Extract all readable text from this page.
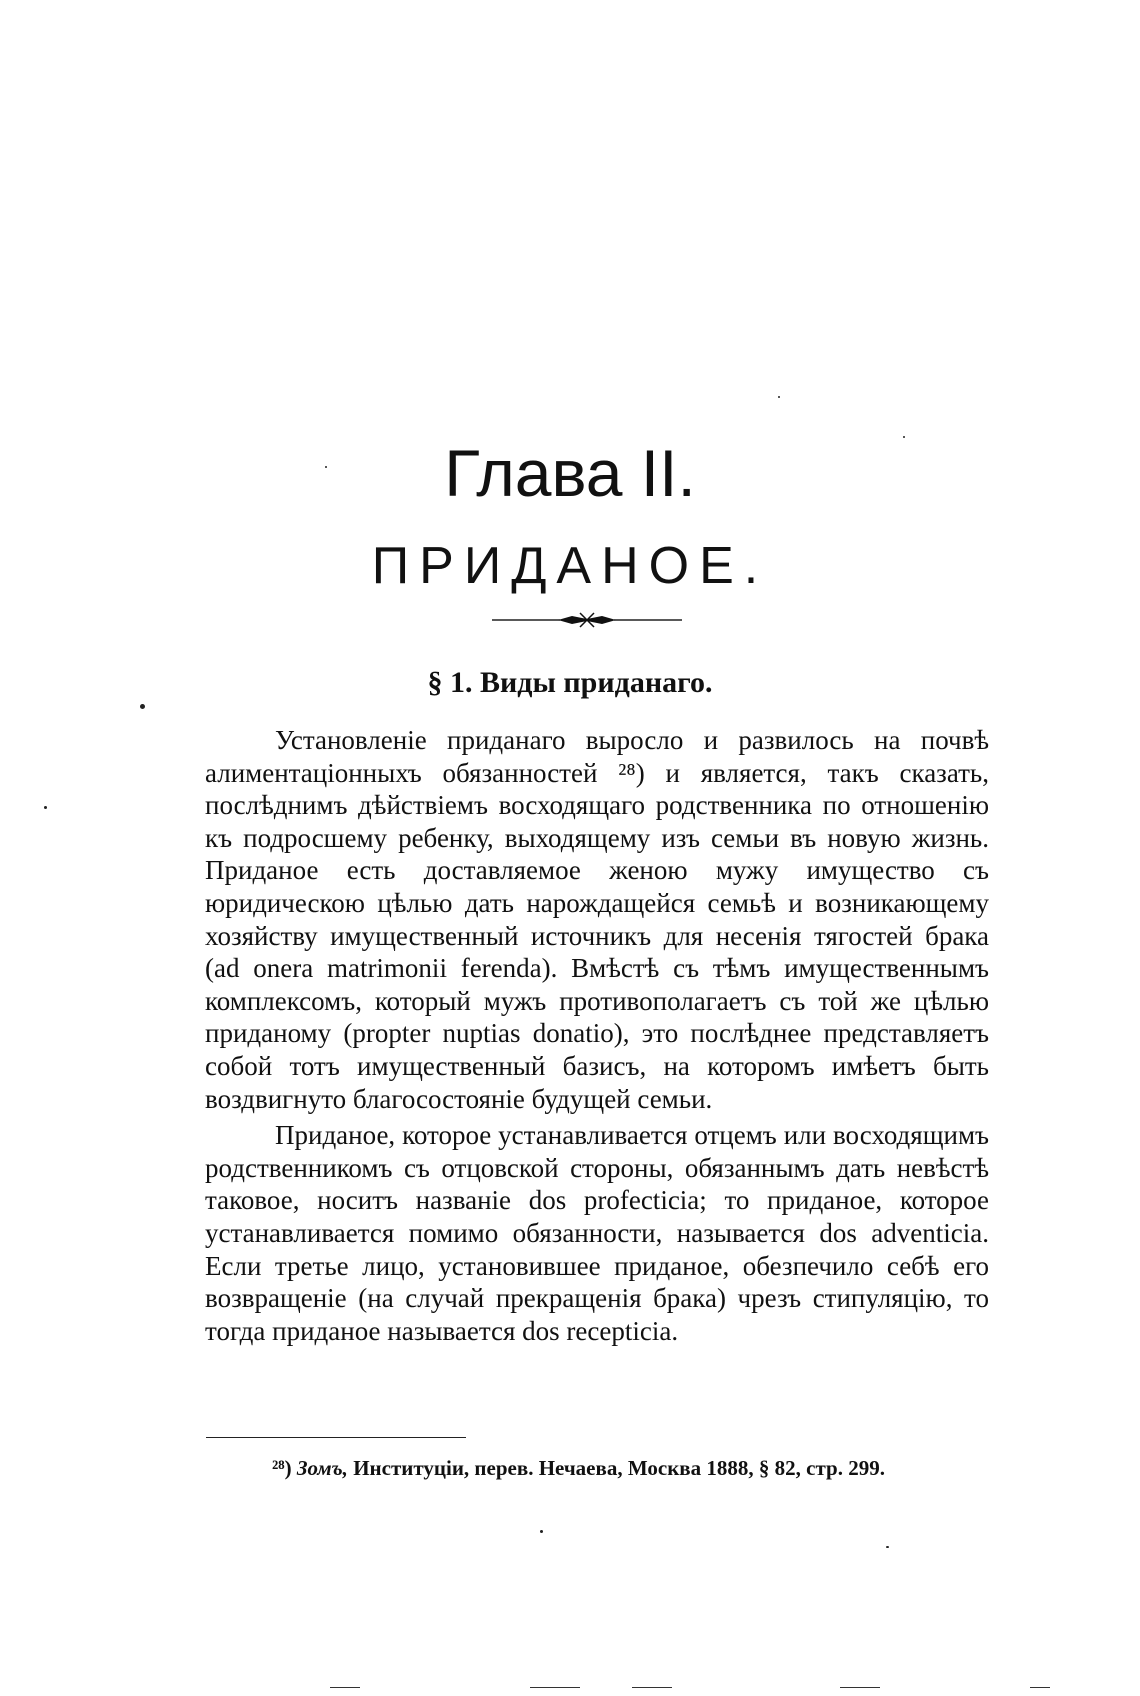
Глава II.
ПРИДАНОЕ.
§ 1. Виды приданаго.

Установленіе приданаго выросло и развилось на почвѣ алиментаціонныхъ обязанностей ²⁸) и является, такъ сказать, послѣднимъ дѣйствіемъ восходящаго родственника по отношенію къ подросшему ребенку, выходящему изъ семьи въ новую жизнь. Приданое есть доставляемое женою мужу имущество съ юридическою цѣлью дать нарождащейся семьѣ и возникающему хозяйству имущественный источникъ для несенія тягостей брака (ad onera matrimonii ferenda). Вмѣстѣ съ тѣмъ имущественнымъ комплексомъ, который мужъ противополагаетъ съ той же цѣлью приданому (propter nuptias donatio), это послѣднее представляетъ собой тотъ имущественный базисъ, на которомъ имѣетъ быть воздвигнуто благосостояніе будущей семьи.

Приданое, которое устанавливается отцемъ или восходящимъ родственникомъ съ отцовской стороны, обязаннымъ дать невѣстѣ таковое, носитъ названіе dos profecticia; то приданое, которое устанавливается помимо обязанности, называется dos adventicia. Если третье лицо, установившее приданое, обезпечило себѣ его возвращеніе (на случай прекращенія брака) чрезъ стипуляцію, то тогда приданое называется dos recepticia.

²⁸) Зомъ, Институціи, перев. Нечаева, Москва 1888, § 82, стр. 299.
